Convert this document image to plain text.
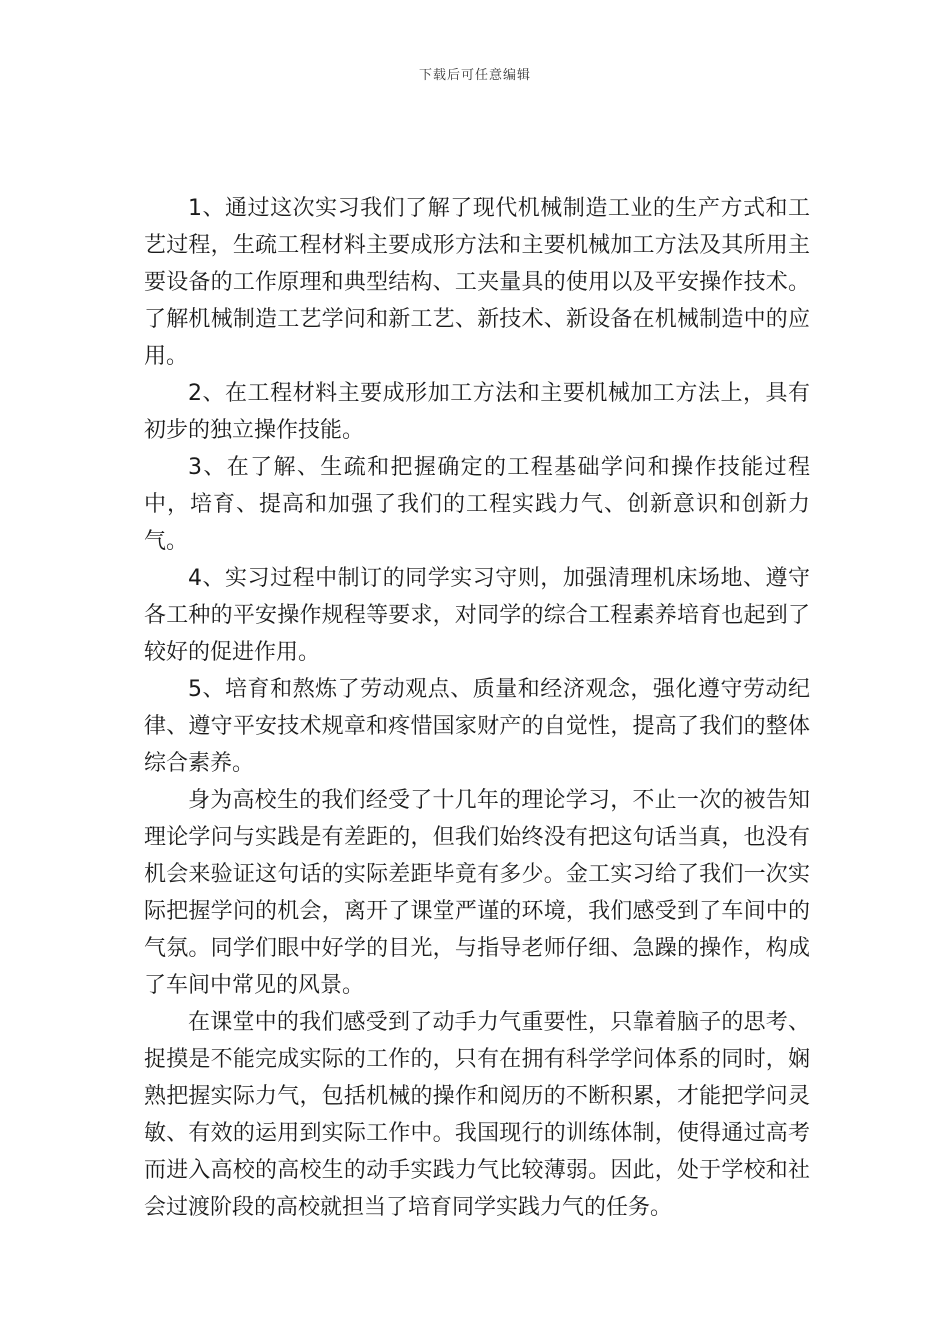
下载后可任意编辑

1、通过这次实习我们了解了现代机械制造工业的生产方式和工艺过程，生疏工程材料主要成形方法和主要机械加工方法及其所用主要设备的工作原理和典型结构、工夹量具的使用以及平安操作技术。了解机械制造工艺学问和新工艺、新技术、新设备在机械制造中的应用。

2、在工程材料主要成形加工方法和主要机械加工方法上，具有初步的独立操作技能。

3、在了解、生疏和把握确定的工程基础学问和操作技能过程中，培育、提高和加强了我们的工程实践力气、创新意识和创新力气。

4、实习过程中制订的同学实习守则，加强清理机床场地、遵守各工种的平安操作规程等要求，对同学的综合工程素养培育也起到了较好的促进作用。

5、培育和熬炼了劳动观点、质量和经济观念，强化遵守劳动纪律、遵守平安技术规章和疼惜国家财产的自觉性，提高了我们的整体综合素养。

身为高校生的我们经受了十几年的理论学习，不止一次的被告知理论学问与实践是有差距的，但我们始终没有把这句话当真，也没有机会来验证这句话的实际差距毕竟有多少。金工实习给了我们一次实际把握学问的机会，离开了课堂严谨的环境，我们感受到了车间中的气氛。同学们眼中好学的目光，与指导老师仔细、急躁的操作，构成了车间中常见的风景。

在课堂中的我们感受到了动手力气重要性，只靠着脑子的思考、捉摸是不能完成实际的工作的，只有在拥有科学学问体系的同时，娴熟把握实际力气，包括机械的操作和阅历的不断积累，才能把学问灵敏、有效的运用到实际工作中。我国现行的训练体制，使得通过高考而进入高校的高校生的动手实践力气比较薄弱。因此，处于学校和社会过渡阶段的高校就担当了培育同学实践力气的任务。
